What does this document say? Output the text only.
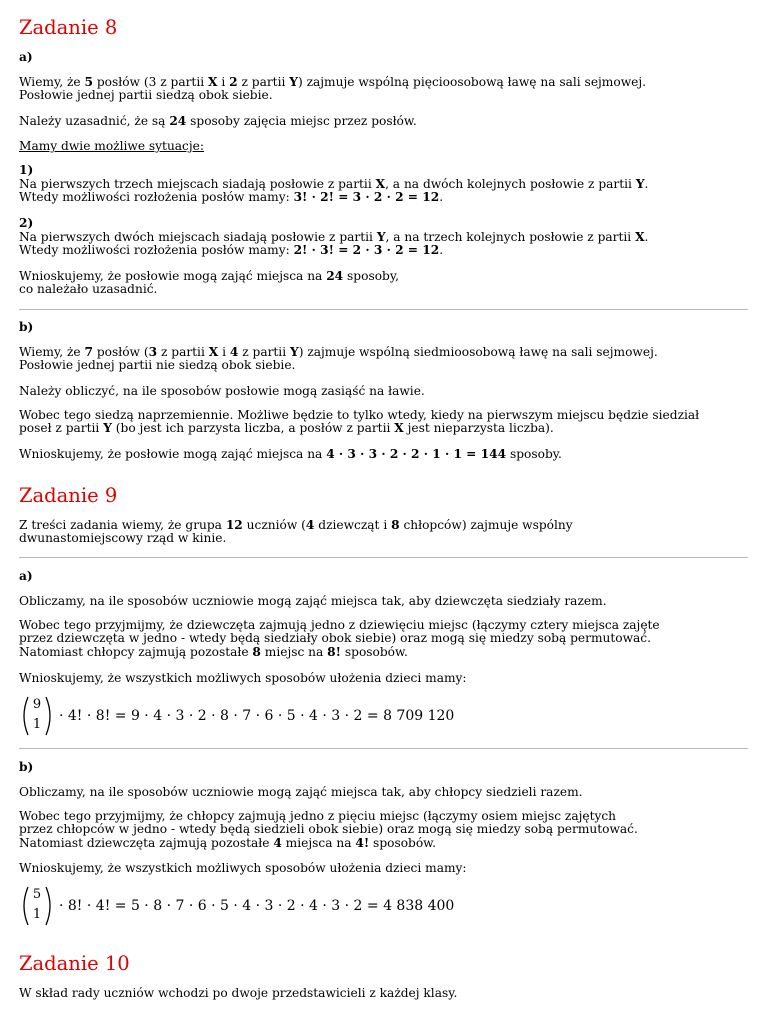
Zadanie 8
a)
Wiemy, że 5 posłów (3 z partii X i 2 z partii Y) zajmuje wspólną pięcioosobową ławę na sali sejmowej.
Posłowie jednej partii siedzą obok siebie.
Należy uzasadnić, że są 24 sposoby zajęcia miejsc przez posłów.
Mamy dwie możliwe sytuacje:
1)
Na pierwszych trzech miejscach siadają posłowie z partii X, a na dwóch kolejnych posłowie z partii Y.
Wtedy możliwości rozłożenia posłów mamy: 3! · 2! = 3 · 2 · 2 = 12.
2)
Na pierwszych dwóch miejscach siadają posłowie z partii Y, a na trzech kolejnych posłowie z partii X.
Wtedy możliwości rozłożenia posłów mamy: 2! · 3! = 2 · 3 · 2 = 12.
Wnioskujemy, że posłowie mogą zająć miejsca na 24 sposoby,
co należało uzasadnić.
b)
Wiemy, że 7 posłów (3 z partii X i 4 z partii Y) zajmuje wspólną siedmioosobową ławę na sali sejmowej.
Posłowie jednej partii nie siedzą obok siebie.
Należy obliczyć, na ile sposobów posłowie mogą zasiąść na ławie.
Wobec tego siedzą naprzemiennie. Możliwe będzie to tylko wtedy, kiedy na pierwszym miejscu będzie siedział
poseł z partii Y (bo jest ich parzysta liczba, a posłów z partii X jest nieparzysta liczba).
Wnioskujemy, że posłowie mogą zająć miejsca na 4 · 3 · 3 · 2 · 2 · 1 · 1 = 144 sposoby.
Zadanie 9
Z treści zadania wiemy, że grupa 12 uczniów (4 dziewcząt i 8 chłopców) zajmuje wspólny
dwunastomiejscowy rząd w kinie.
a)
Obliczamy, na ile sposobów uczniowie mogą zająć miejsca tak, aby dziewczęta siedziały razem.
Wobec tego przyjmijmy, że dziewczęta zajmują jedno z dziewięciu miejsc (łączymy cztery miejsca zajęte
przez dziewczęta w jedno - wtedy będą siedziały obok siebie) oraz mogą się miedzy sobą permutować.
Natomiast chłopcy zajmują pozostałe 8 miejsc na 8! sposobów.
Wnioskujemy, że wszystkich możliwych sposobów ułożenia dzieci mamy:
9
1
· 4! · 8! = 9 · 4 · 3 · 2 · 8 · 7 · 6 · 5 · 4 · 3 · 2 = 8 709 120
b)
Obliczamy, na ile sposobów uczniowie mogą zająć miejsca tak, aby chłopcy siedzieli razem.
Wobec tego przyjmijmy, że chłopcy zajmują jedno z pięciu miejsc (łączymy osiem miejsc zajętych
przez chłopców w jedno - wtedy będą siedzieli obok siebie) oraz mogą się miedzy sobą permutować.
Natomiast dziewczęta zajmują pozostałe 4 miejsca na 4! sposobów.
Wnioskujemy, że wszystkich możliwych sposobów ułożenia dzieci mamy:
5
1
· 8! · 4! = 5 · 8 · 7 · 6 · 5 · 4 · 3 · 2 · 4 · 3 · 2 = 4 838 400
Zadanie 10
W skład rady uczniów wchodzi po dwoje przedstawicieli z każdej klasy.
